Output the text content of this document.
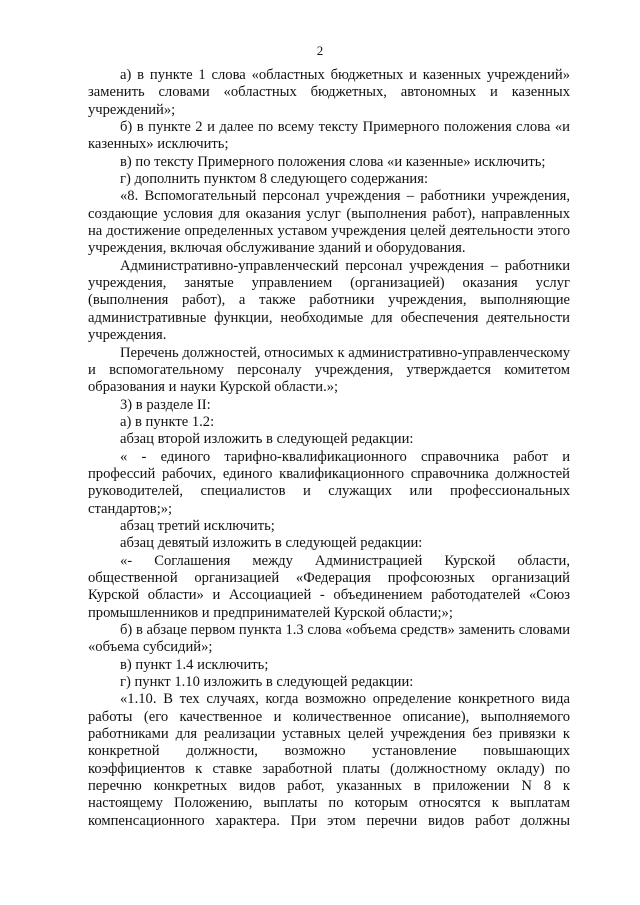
2

а) в пункте 1 слова «областных бюджетных и казенных учреждений» заменить словами «областных бюджетных, автономных и казенных учреждений»;

б) в пункте 2 и далее по всему тексту Примерного положения слова «и казенных» исключить;

в) по тексту Примерного положения слова «и казенные» исключить;

г) дополнить пунктом 8 следующего содержания:

«8. Вспомогательный персонал учреждения – работники учреждения, создающие условия для оказания услуг (выполнения работ), направленных на достижение определенных уставом учреждения целей деятельности этого учреждения, включая обслуживание зданий и оборудования.

Административно-управленческий персонал учреждения – работники учреждения, занятые управлением (организацией) оказания услуг (выполнения работ), а также работники учреждения, выполняющие административные функции, необходимые для обеспечения деятельности учреждения.

Перечень должностей, относимых к административно-управленческому и вспомогательному персоналу учреждения, утверждается комитетом образования и науки Курской области.»;

3) в разделе II:

а) в пункте 1.2:

абзац второй изложить в следующей редакции:

« - единого тарифно-квалификационного справочника работ и профессий рабочих, единого квалификационного справочника должностей руководителей, специалистов и служащих или профессиональных стандартов;»;

абзац третий исключить;

абзац девятый изложить в следующей редакции:

«- Соглашения между Администрацией Курской области, общественной организацией «Федерация профсоюзных организаций Курской области» и Ассоциацией - объединением работодателей «Союз промышленников и предпринимателей Курской области;»;

б) в абзаце первом пункта 1.3 слова «объема средств» заменить словами «объема субсидий»;

в) пункт 1.4 исключить;

г) пункт 1.10 изложить в следующей редакции:

«1.10. В тех случаях, когда возможно определение конкретного вида работы (его качественное и количественное описание), выполняемого работниками для реализации уставных целей учреждения без привязки к конкретной должности, возможно установление повышающих коэффициентов к ставке заработной платы (должностному окладу) по перечню конкретных видов работ, указанных в приложении N 8 к настоящему Положению, выплаты по которым относятся к выплатам компенсационного характера. При этом перечни видов работ должны
